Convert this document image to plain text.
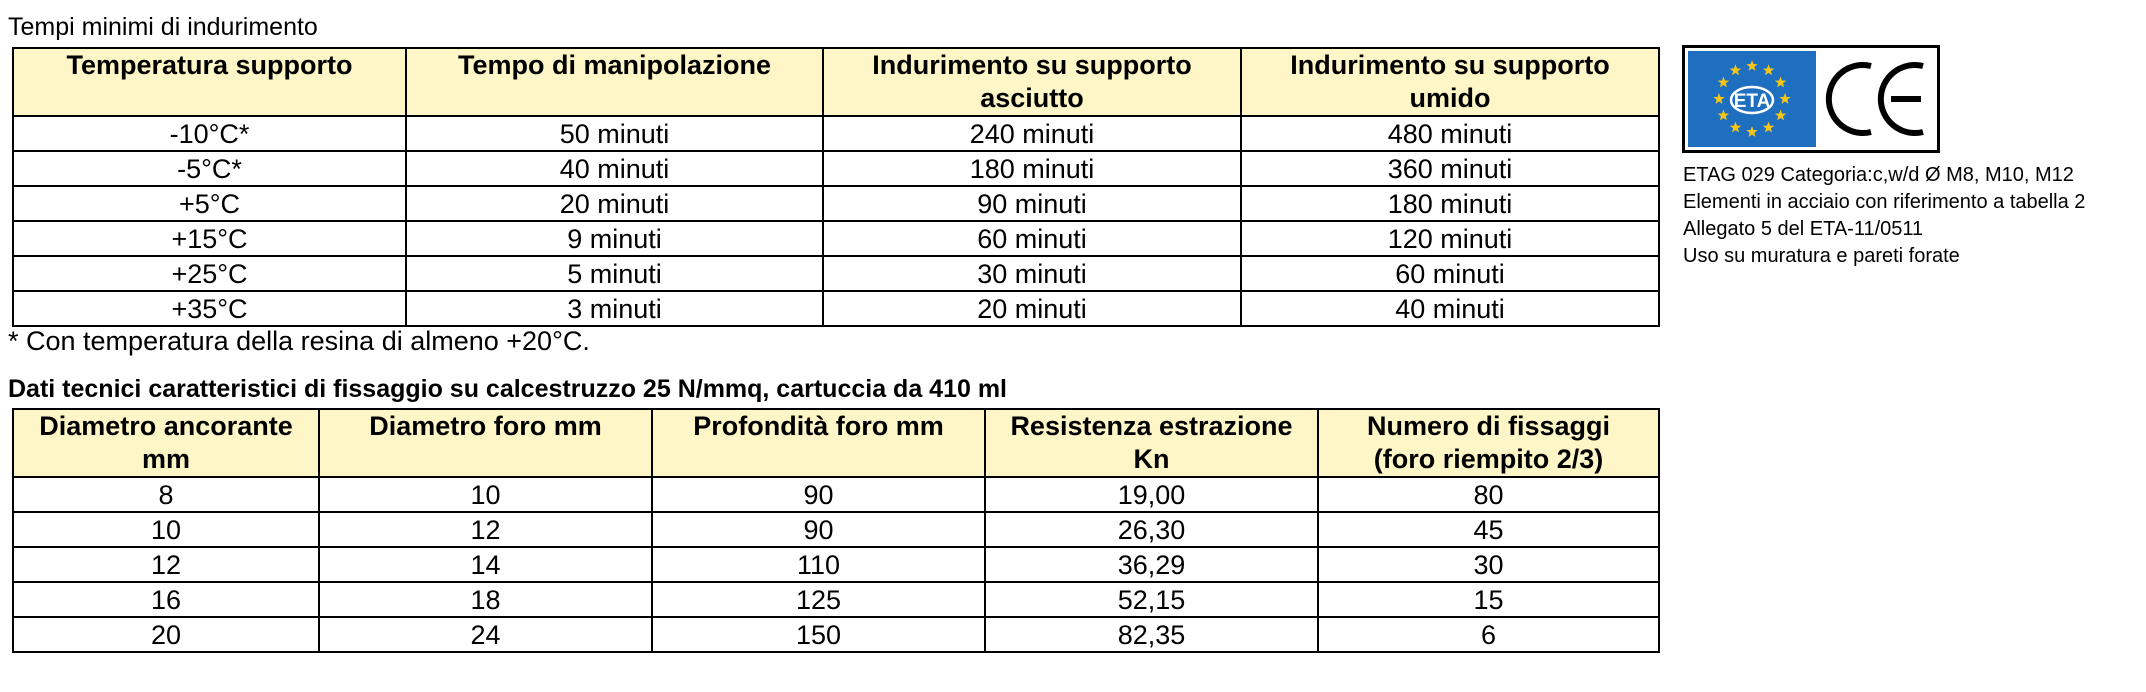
Tempi minimi di indurimento
Temperatura supporto	Tempo di manipolazione	Indurimento su supporto asciutto	Indurimento su supporto umido
-10°C*	50 minuti	240 minuti	480 minuti
-5°C*	40 minuti	180 minuti	360 minuti
+5°C	20 minuti	90 minuti	180 minuti
+15°C	9 minuti	60 minuti	120 minuti
+25°C	5 minuti	30 minuti	60 minuti
+35°C	3 minuti	20 minuti	40 minuti
* Con temperatura della resina di almeno +20°C.
Dati tecnici caratteristici di fissaggio su calcestruzzo 25 N/mmq, cartuccia da 410 ml
Diametro ancorante mm	Diametro foro mm	Profondità foro mm	Resistenza estrazione Kn	Numero di fissaggi (foro riempito 2/3)
8	10	90	19,00	80
10	12	90	26,30	45
12	14	110	36,29	30
16	18	125	52,15	15
20	24	150	82,35	6
ETA
CE
ETAG 029 Categoria:c,w/d Ø M8, M10, M12
Elementi in acciaio con riferimento a tabella 2
Allegato 5 del ETA-11/0511
Uso su muratura e pareti forate
